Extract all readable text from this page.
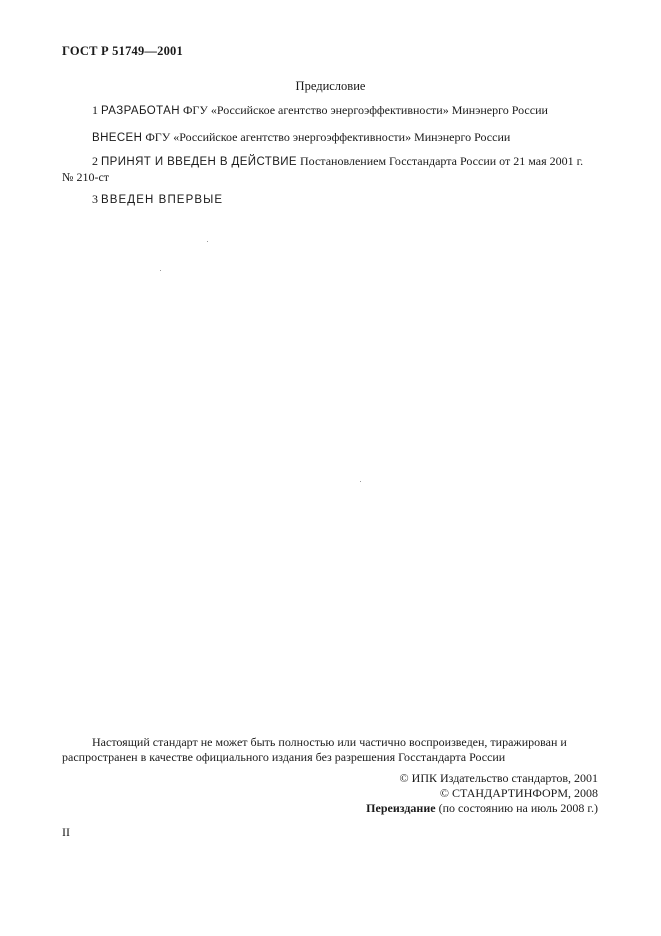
ГОСТ Р 51749—2001
Предисловие
1 РАЗРАБОТАН ФГУ «Российское агентство энергоэффективности» Минэнерго России
ВНЕСЕН ФГУ «Российское агентство энергоэффективности» Минэнерго России
2 ПРИНЯТ И ВВЕДЕН В ДЕЙСТВИЕ Постановлением Госстандарта России от 21 мая 2001 г.
№ 210-ст
3 ВВЕДЕН ВПЕРВЫЕ
Настоящий стандарт не может быть полностью или частично воспроизведен, тиражирован и
распространен в качестве официального издания без разрешения Госстандарта России
© ИПК Издательство стандартов, 2001
© СТАНДАРТИНФОРМ, 2008
Переиздание (по состоянию на июль 2008 г.)
II
